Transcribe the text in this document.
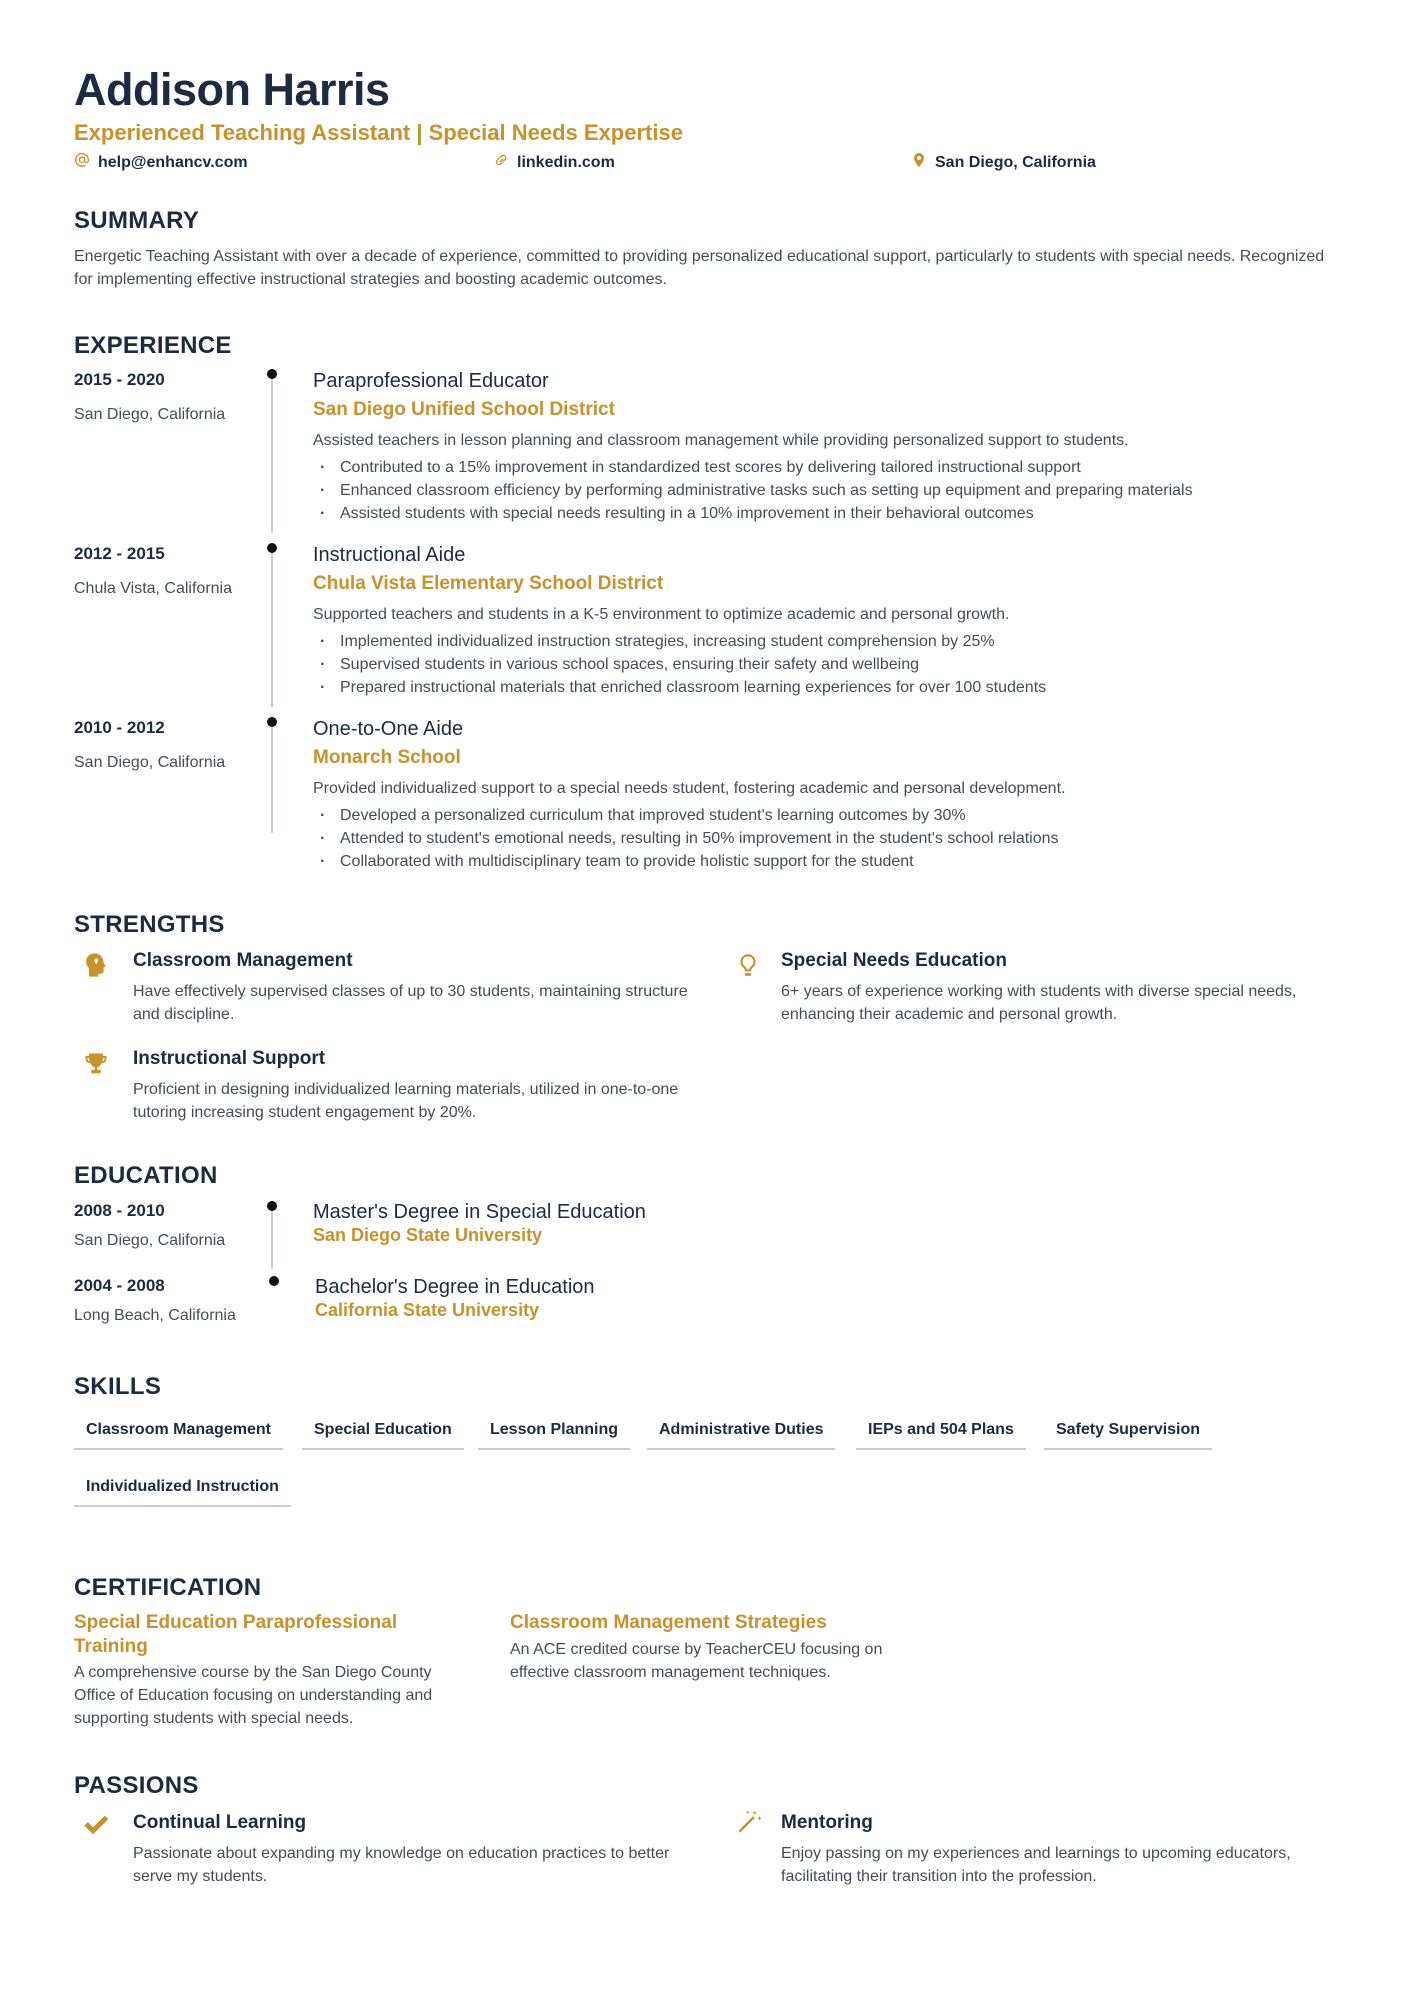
Addison Harris
Experienced Teaching Assistant | Special Needs Expertise
help@enhancv.com	linkedin.com	San Diego, California
SUMMARY
Energetic Teaching Assistant with over a decade of experience, committed to providing personalized educational support, particularly to students with special needs. Recognized for implementing effective instructional strategies and boosting academic outcomes.
EXPERIENCE
2015 - 2020
San Diego, California
Paraprofessional Educator
San Diego Unified School District
Assisted teachers in lesson planning and classroom management while providing personalized support to students.
· Contributed to a 15% improvement in standardized test scores by delivering tailored instructional support
· Enhanced classroom efficiency by performing administrative tasks such as setting up equipment and preparing materials
· Assisted students with special needs resulting in a 10% improvement in their behavioral outcomes
2012 - 2015
Chula Vista, California
Instructional Aide
Chula Vista Elementary School District
Supported teachers and students in a K-5 environment to optimize academic and personal growth.
· Implemented individualized instruction strategies, increasing student comprehension by 25%
· Supervised students in various school spaces, ensuring their safety and wellbeing
· Prepared instructional materials that enriched classroom learning experiences for over 100 students
2010 - 2012
San Diego, California
One-to-One Aide
Monarch School
Provided individualized support to a special needs student, fostering academic and personal development.
· Developed a personalized curriculum that improved student's learning outcomes by 30%
· Attended to student's emotional needs, resulting in 50% improvement in the student's school relations
· Collaborated with multidisciplinary team to provide holistic support for the student
STRENGTHS
Classroom Management
Have effectively supervised classes of up to 30 students, maintaining structure and discipline.
Special Needs Education
6+ years of experience working with students with diverse special needs, enhancing their academic and personal growth.
Instructional Support
Proficient in designing individualized learning materials, utilized in one-to-one tutoring increasing student engagement by 20%.
EDUCATION
2008 - 2010
San Diego, California
Master's Degree in Special Education
San Diego State University
2004 - 2008
Long Beach, California
Bachelor's Degree in Education
California State University
SKILLS
Classroom Management	Special Education	Lesson Planning	Administrative Duties	IEPs and 504 Plans	Safety Supervision
Individualized Instruction
CERTIFICATION
Special Education Paraprofessional Training
A comprehensive course by the San Diego County Office of Education focusing on understanding and supporting students with special needs.
Classroom Management Strategies
An ACE credited course by TeacherCEU focusing on effective classroom management techniques.
PASSIONS
Continual Learning
Passionate about expanding my knowledge on education practices to better serve my students.
Mentoring
Enjoy passing on my experiences and learnings to upcoming educators, facilitating their transition into the profession.
